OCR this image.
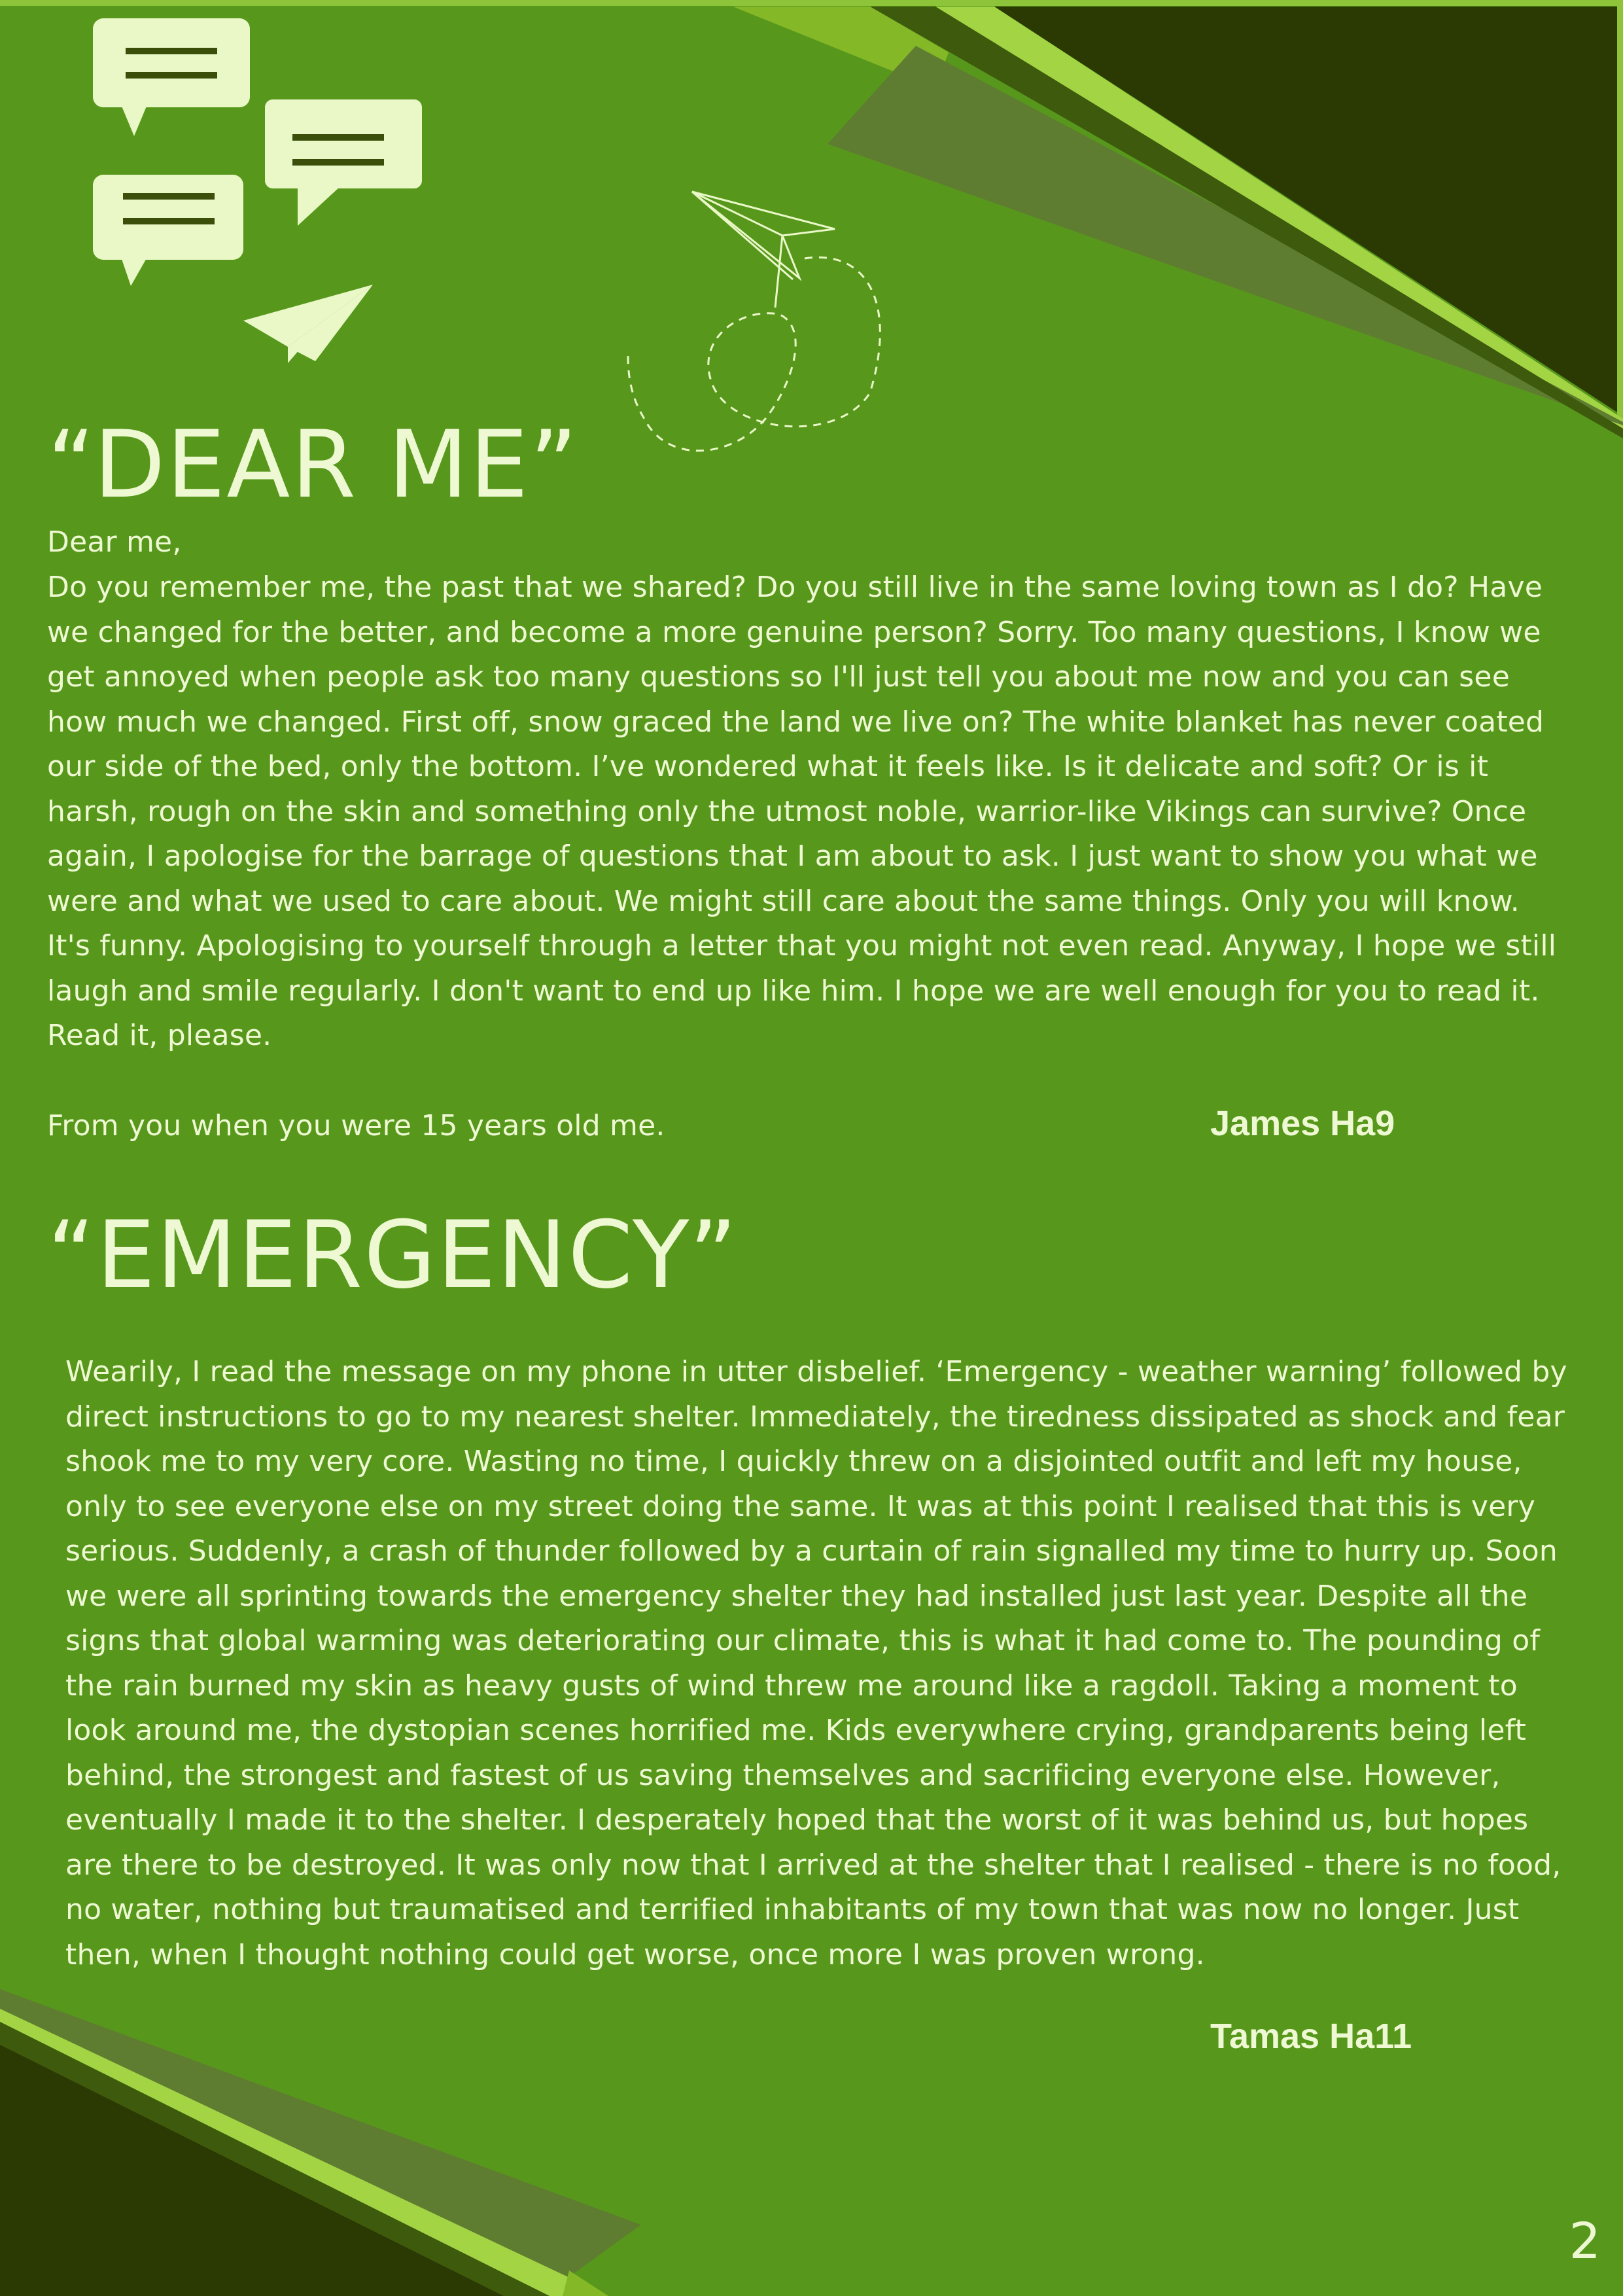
“DEAR ME”

Dear me,

Do you remember me, the past that we shared? Do you still live in the same loving town as I do? Have we changed for the better, and become a more genuine person? Sorry. Too many questions, I know we get annoyed when people ask too many questions so I'll just tell you about me now and you can see how much we changed. First off, snow graced the land we live on? The white blanket has never coated our side of the bed, only the bottom. I’ve wondered what it feels like. Is it delicate and soft? Or is it harsh, rough on the skin and something only the utmost noble, warrior-like Vikings can survive? Once again, I apologise for the barrage of questions that I am about to ask. I just want to show you what we were and what we used to care about. We might still care about the same things. Only you will know. It's funny. Apologising to yourself through a letter that you might not even read. Anyway, I hope we still laugh and smile regularly. I don't want to end up like him. I hope we are well enough for you to read it. Read it, please.

From you when you were 15 years old me.	James Ha9
“EMERGENCY”

Wearily, I read the message on my phone in utter disbelief. ‘Emergency - weather warning’ followed by direct instructions to go to my nearest shelter. Immediately, the tiredness dissipated as shock and fear shook me to my very core. Wasting no time, I quickly threw on a disjointed outfit and left my house, only to see everyone else on my street doing the same. It was at this point I realised that this is very serious. Suddenly, a crash of thunder followed by a curtain of rain signalled my time to hurry up. Soon we were all sprinting towards the emergency shelter they had installed just last year. Despite all the signs that global warming was deteriorating our climate, this is what it had come to. The pounding of the rain burned my skin as heavy gusts of wind threw me around like a ragdoll. Taking a moment to look around me, the dystopian scenes horrified me. Kids everywhere crying, grandparents being left behind, the strongest and fastest of us saving themselves and sacrificing everyone else. However, eventually I made it to the shelter. I desperately hoped that the worst of it was behind us, but hopes are there to be destroyed. It was only now that I arrived at the shelter that I realised - there is no food, no water, nothing but traumatised and terrified inhabitants of my town that was now no longer. Just then, when I thought nothing could get worse, once more I was proven wrong.

Tamas Ha11
2
